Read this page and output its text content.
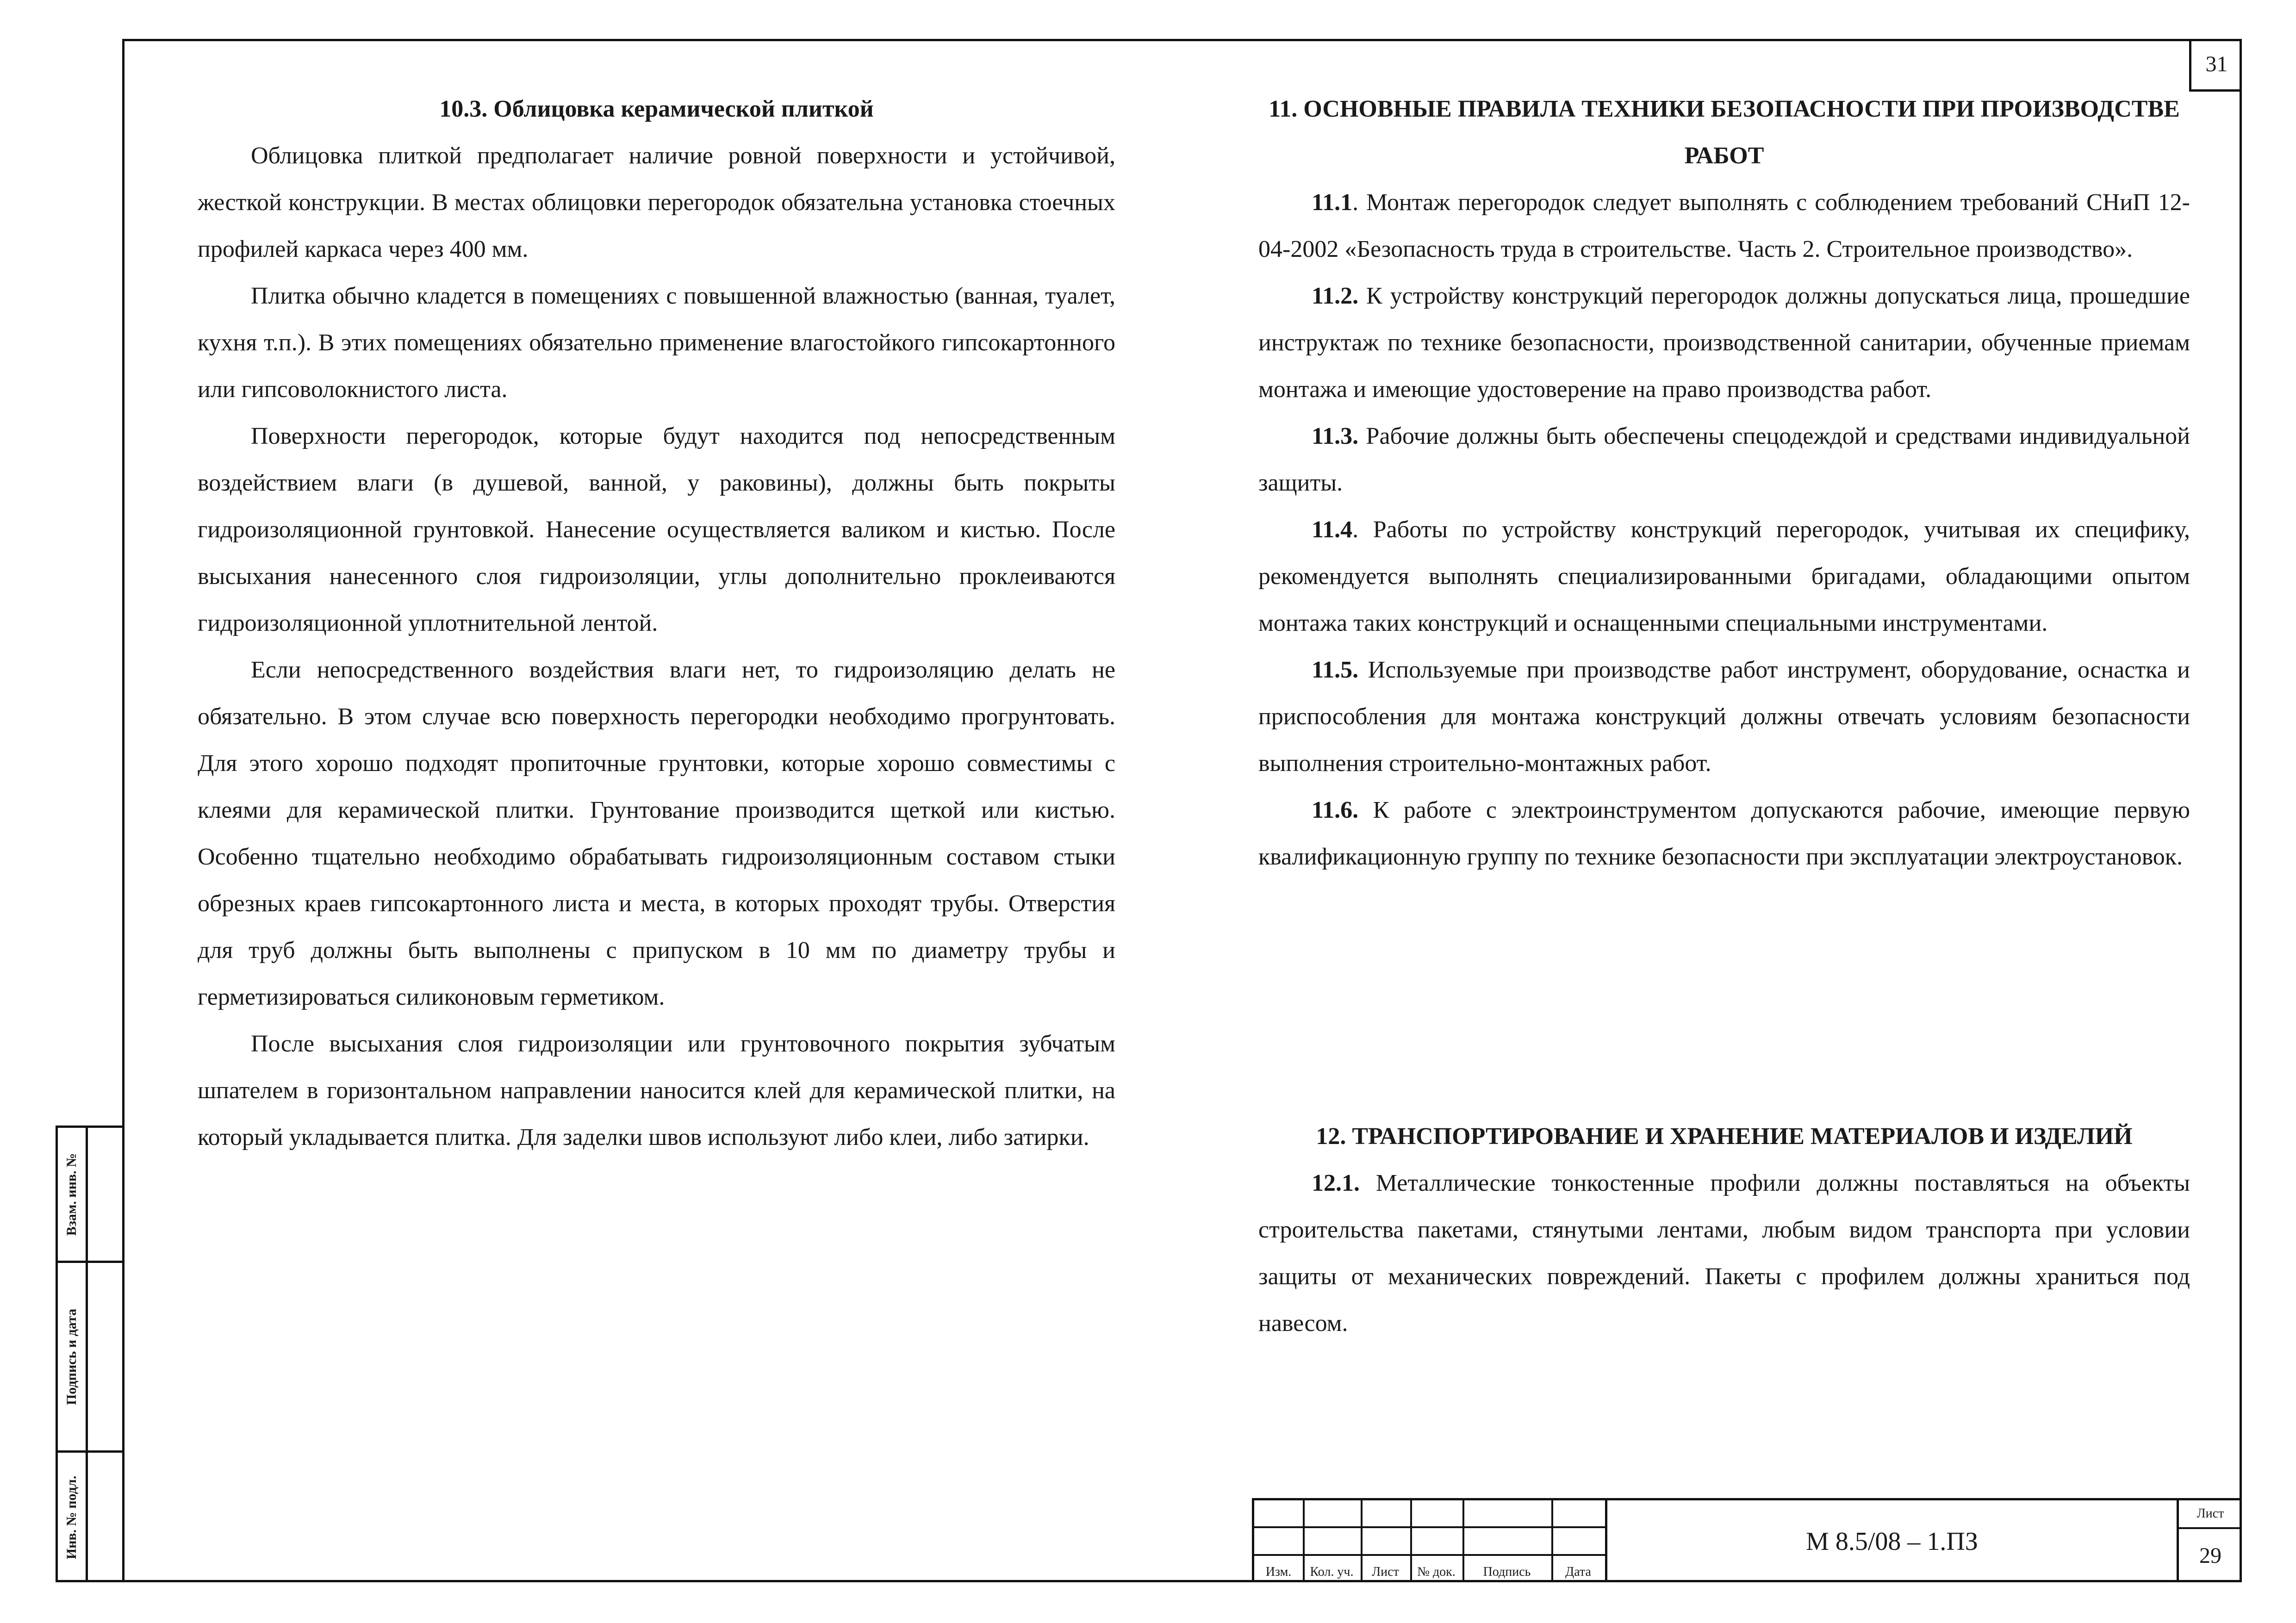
31

10.3. Облицовка керамической плиткой

Облицовка плиткой предполагает наличие ровной поверхности и устойчивой, жесткой конструкции. В местах облицовки перегородок обязательна установка стоечных профилей каркаса через 400 мм.

Плитка обычно кладется в помещениях с повышенной влажностью (ванная, туалет, кухня т.п.). В этих помещениях обязательно применение влагостойкого гипсокартонного или гипсоволокнистого листа.

Поверхности перегородок, которые будут находится под непосредственным воздействием влаги (в душевой, ванной, у раковины), должны быть покрыты гидроизоляционной грунтовкой. Нанесение осуществляется валиком и кистью. После высыхания нанесенного слоя гидроизоляции, углы дополнительно проклеиваются гидроизоляционной уплотнительной лентой.

Если непосредственного воздействия влаги нет, то гидроизоляцию делать не обязательно. В этом случае всю поверхность перегородки необходимо прогрунтовать. Для этого хорошо подходят пропиточные грунтовки, которые хорошо совместимы с клеями для керамической плитки. Грунтование производится щеткой или кистью. Особенно тщательно необходимо обрабатывать гидроизоляционным составом стыки обрезных краев гипсокартонного листа и места, в которых проходят трубы. Отверстия для труб должны быть выполнены с припуском в 10 мм по диаметру трубы и герметизироваться силиконовым герметиком.

После высыхания слоя гидроизоляции или грунтовочного покрытия зубчатым шпателем в горизонтальном направлении наносится клей для керамической плитки, на который укладывается плитка. Для заделки швов используют либо клеи, либо затирки.

11. ОСНОВНЫЕ ПРАВИЛА ТЕХНИКИ БЕЗОПАСНОСТИ ПРИ ПРОИЗВОДСТВЕ РАБОТ

11.1. Монтаж перегородок следует выполнять с соблюдением требований СНиП 12-04-2002 «Безопасность труда в строительстве. Часть 2. Строительное производство».

11.2. К устройству конструкций перегородок должны допускаться лица, прошедшие инструктаж по технике безопасности, производственной санитарии, обученные приемам монтажа и имеющие удостоверение на право производства работ.

11.3. Рабочие должны быть обеспечены спецодеждой и средствами индивидуальной защиты.

11.4. Работы по устройству конструкций перегородок, учитывая их специфику, рекомендуется выполнять специализированными бригадами, обладающими опытом монтажа таких конструкций и оснащенными специальными инструментами.

11.5. Используемые при производстве работ инструмент, оборудование, оснастка и приспособления для монтажа конструкций должны отвечать условиям безопасности выполнения строительно-монтажных работ.

11.6. К работе с электроинструментом допускаются рабочие, имеющие первую квалификационную группу по технике безопасности при эксплуатации электроустановок.

12. ТРАНСПОРТИРОВАНИЕ И ХРАНЕНИЕ МАТЕРИАЛОВ И ИЗДЕЛИЙ

12.1. Металлические тонкостенные профили должны поставляться на объекты строительства пакетами, стянутыми лентами, любым видом транспорта при условии защиты от механических повреждений. Пакеты с профилем должны храниться под навесом.

Взам. инв. №
Подпись и дата
Инв. № подл.
Изм.	Кол. уч.	Лист	№ док.	Подпись	Дата
М 8.5/08 – 1.ПЗ
Лист
29
